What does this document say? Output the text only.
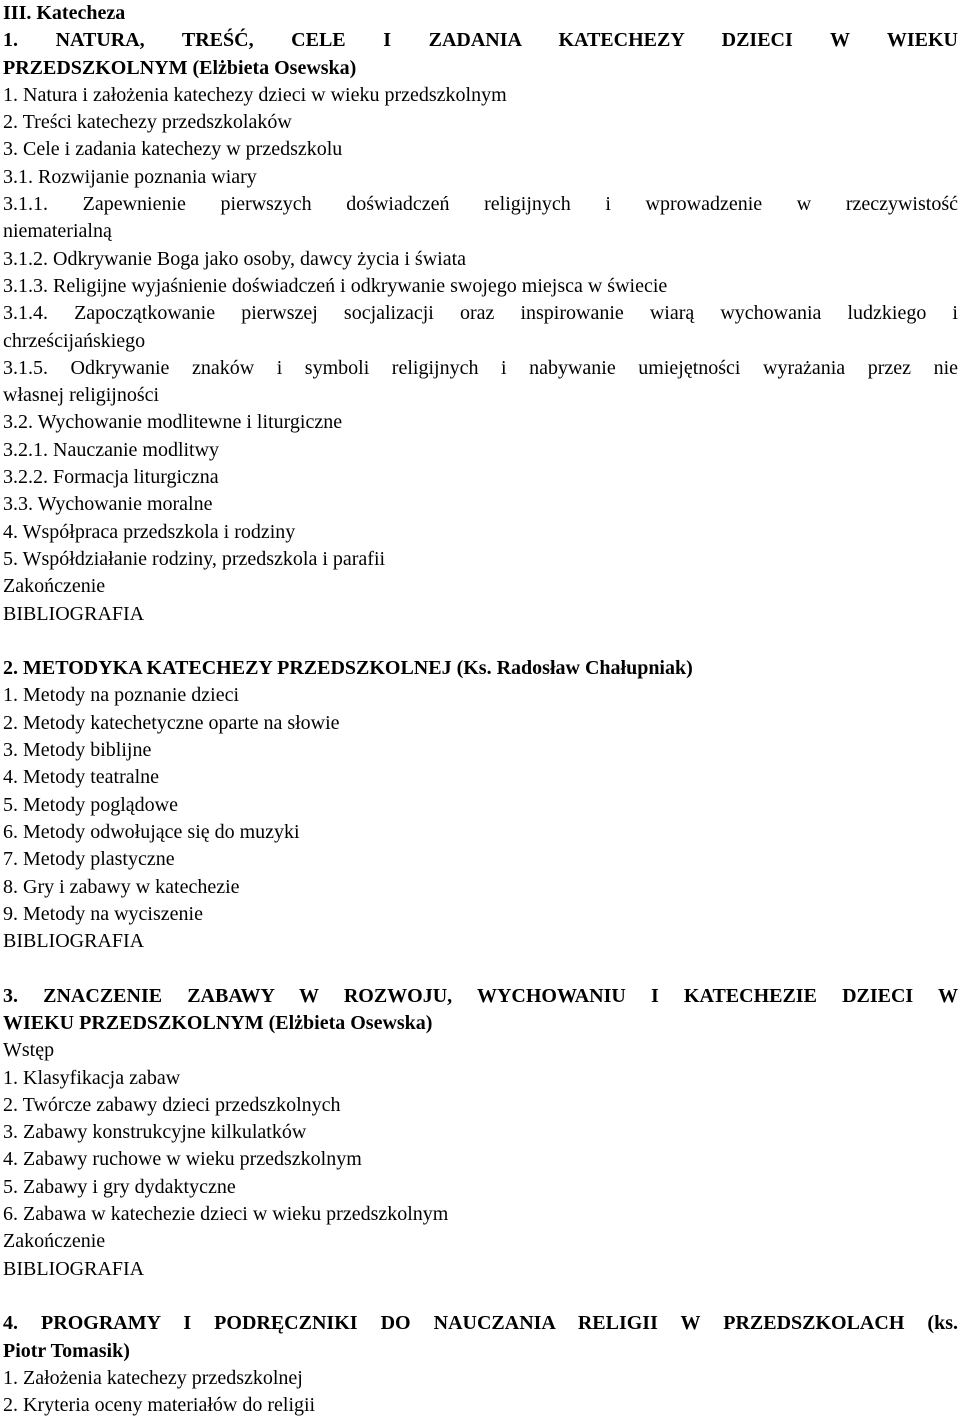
III. Katecheza
1. NATURA, TREŚĆ, CELE I ZADANIA KATECHEZY DZIECI W WIEKU
PRZEDSZKOLNYM (Elżbieta Osewska)
1. Natura i założenia katechezy dzieci w wieku przedszkolnym
2. Treści katechezy przedszkolaków
3. Cele i zadania katechezy w przedszkolu
3.1. Rozwijanie poznania wiary
3.1.1. Zapewnienie pierwszych doświadczeń religijnych i wprowadzenie w rzeczywistość
niematerialną
3.1.2. Odkrywanie Boga jako osoby, dawcy życia i świata
3.1.3. Religijne wyjaśnienie doświadczeń i odkrywanie swojego miejsca w świecie
3.1.4. Zapoczątkowanie pierwszej socjalizacji oraz inspirowanie wiarą wychowania ludzkiego i
chrześcijańskiego
3.1.5. Odkrywanie znaków i symboli religijnych i nabywanie umiejętności wyrażania przez nie
własnej religijności
3.2. Wychowanie modlitewne i liturgiczne
3.2.1. Nauczanie modlitwy
3.2.2. Formacja liturgiczna
3.3. Wychowanie moralne
4. Współpraca przedszkola i rodziny
5. Współdziałanie rodziny, przedszkola i parafii
Zakończenie
BIBLIOGRAFIA
2. METODYKA KATECHEZY PRZEDSZKOLNEJ (Ks. Radosław Chałupniak)
1. Metody na poznanie dzieci
2. Metody katechetyczne oparte na słowie
3. Metody biblijne
4. Metody teatralne
5. Metody poglądowe
6. Metody odwołujące się do muzyki
7. Metody plastyczne
8. Gry i zabawy w katechezie
9. Metody na wyciszenie
BIBLIOGRAFIA
3. ZNACZENIE ZABAWY W ROZWOJU, WYCHOWANIU I KATECHEZIE DZIECI W
WIEKU PRZEDSZKOLNYM (Elżbieta Osewska)
Wstęp
1. Klasyfikacja zabaw
2. Twórcze zabawy dzieci przedszkolnych
3. Zabawy konstrukcyjne kilkulatków
4. Zabawy ruchowe w wieku przedszkolnym
5. Zabawy i gry dydaktyczne
6. Zabawa w katechezie dzieci w wieku przedszkolnym
Zakończenie
BIBLIOGRAFIA
4. PROGRAMY I PODRĘCZNIKI DO NAUCZANIA RELIGII W PRZEDSZKOLACH (ks.
Piotr Tomasik)
1. Założenia katechezy przedszkolnej
2. Kryteria oceny materiałów do religii
